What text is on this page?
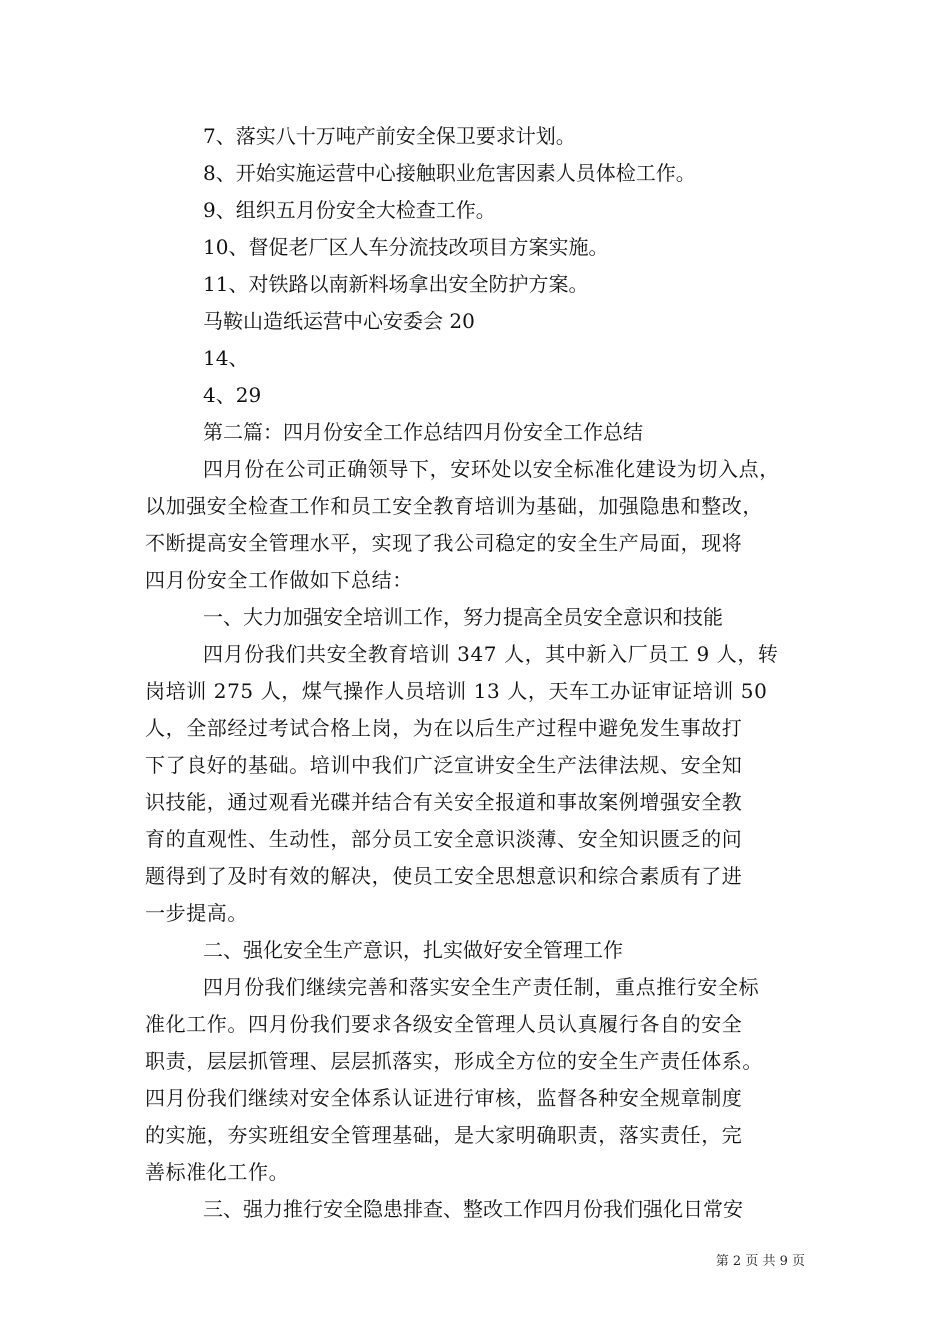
7、落实八十万吨产前安全保卫要求计划。
8、开始实施运营中心接触职业危害因素人员体检工作。
9、组织五月份安全大检查工作。
10、督促老厂区人车分流技改项目方案实施。
11、对铁路以南新料场拿出安全防护方案。
马鞍山造纸运营中心安委会 20
14、
4、29
第二篇：四月份安全工作总结四月份安全工作总结
四月份在公司正确领导下，安环处以安全标准化建设为切入点，
以加强安全检查工作和员工安全教育培训为基础，加强隐患和整改，
不断提高安全管理水平，实现了我公司稳定的安全生产局面，现将
四月份安全工作做如下总结：
一、大力加强安全培训工作，努力提高全员安全意识和技能
四月份我们共安全教育培训 347 人，其中新入厂员工 9 人，转
岗培训 275 人，煤气操作人员培训 13 人，天车工办证审证培训 50
人，全部经过考试合格上岗，为在以后生产过程中避免发生事故打
下了良好的基础。培训中我们广泛宣讲安全生产法律法规、安全知
识技能，通过观看光碟并结合有关安全报道和事故案例增强安全教
育的直观性、生动性，部分员工安全意识淡薄、安全知识匮乏的问
题得到了及时有效的解决，使员工安全思想意识和综合素质有了进
一步提高。
二、强化安全生产意识，扎实做好安全管理工作
四月份我们继续完善和落实安全生产责任制，重点推行安全标
准化工作。四月份我们要求各级安全管理人员认真履行各自的安全
职责，层层抓管理、层层抓落实，形成全方位的安全生产责任体系。
四月份我们继续对安全体系认证进行审核，监督各种安全规章制度
的实施，夯实班组安全管理基础，是大家明确职责，落实责任，完
善标准化工作。
三、强力推行安全隐患排查、整改工作四月份我们强化日常安
第 2 页 共 9 页
